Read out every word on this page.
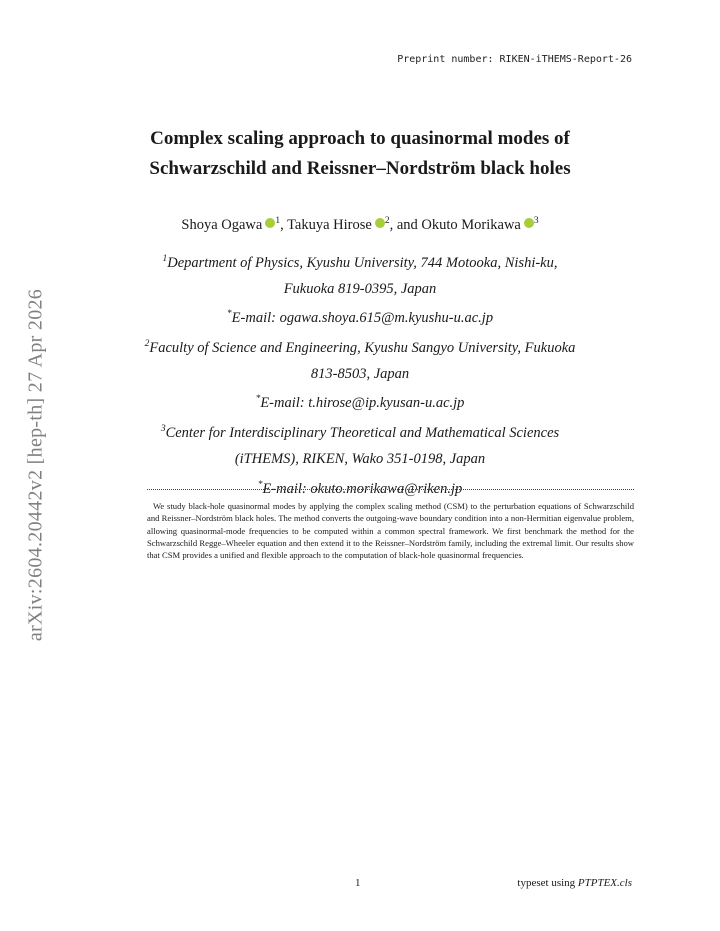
Preprint number: RIKEN-iTHEMS-Report-26
arXiv:2604.20442v2 [hep-th] 27 Apr 2026
Complex scaling approach to quasinormal modes of
Schwarzschild and Reissner–Nordström black holes
Shoya Ogawa $^1$, Takuya Hirose $^2$, and Okuto Morikawa $^3$
$^1$Department of Physics, Kyushu University, 744 Motooka, Nishi-ku,
Fukuoka 819-0395, Japan
*E-mail: ogawa.shoya.615@m.kyushu-u.ac.jp
$^2$Faculty of Science and Engineering, Kyushu Sangyo University, Fukuoka
813-8503, Japan
*E-mail: t.hirose@ip.kyusan-u.ac.jp
$^3$Center for Interdisciplinary Theoretical and Mathematical Sciences
(iTHEMS), RIKEN, Wako 351-0198, Japan
*E-mail: okuto.morikawa@riken.jp
We study black-hole quasinormal modes by applying the complex scaling method (CSM) to the perturbation equations of Schwarzschild and Reissner–Nordström black holes. The method converts the outgoing-wave boundary condition into a non-Hermitian eigenvalue problem, allowing quasinormal-mode frequencies to be computed within a common spectral framework. We first benchmark the method for the Schwarzschild Regge–Wheeler equation and then extend it to the Reissner–Nordström family, including the extremal limit. Our results show that CSM provides a unified and flexible approach to the computation of black-hole quasinormal frequencies.
1	typeset using PTPTEX.cls
